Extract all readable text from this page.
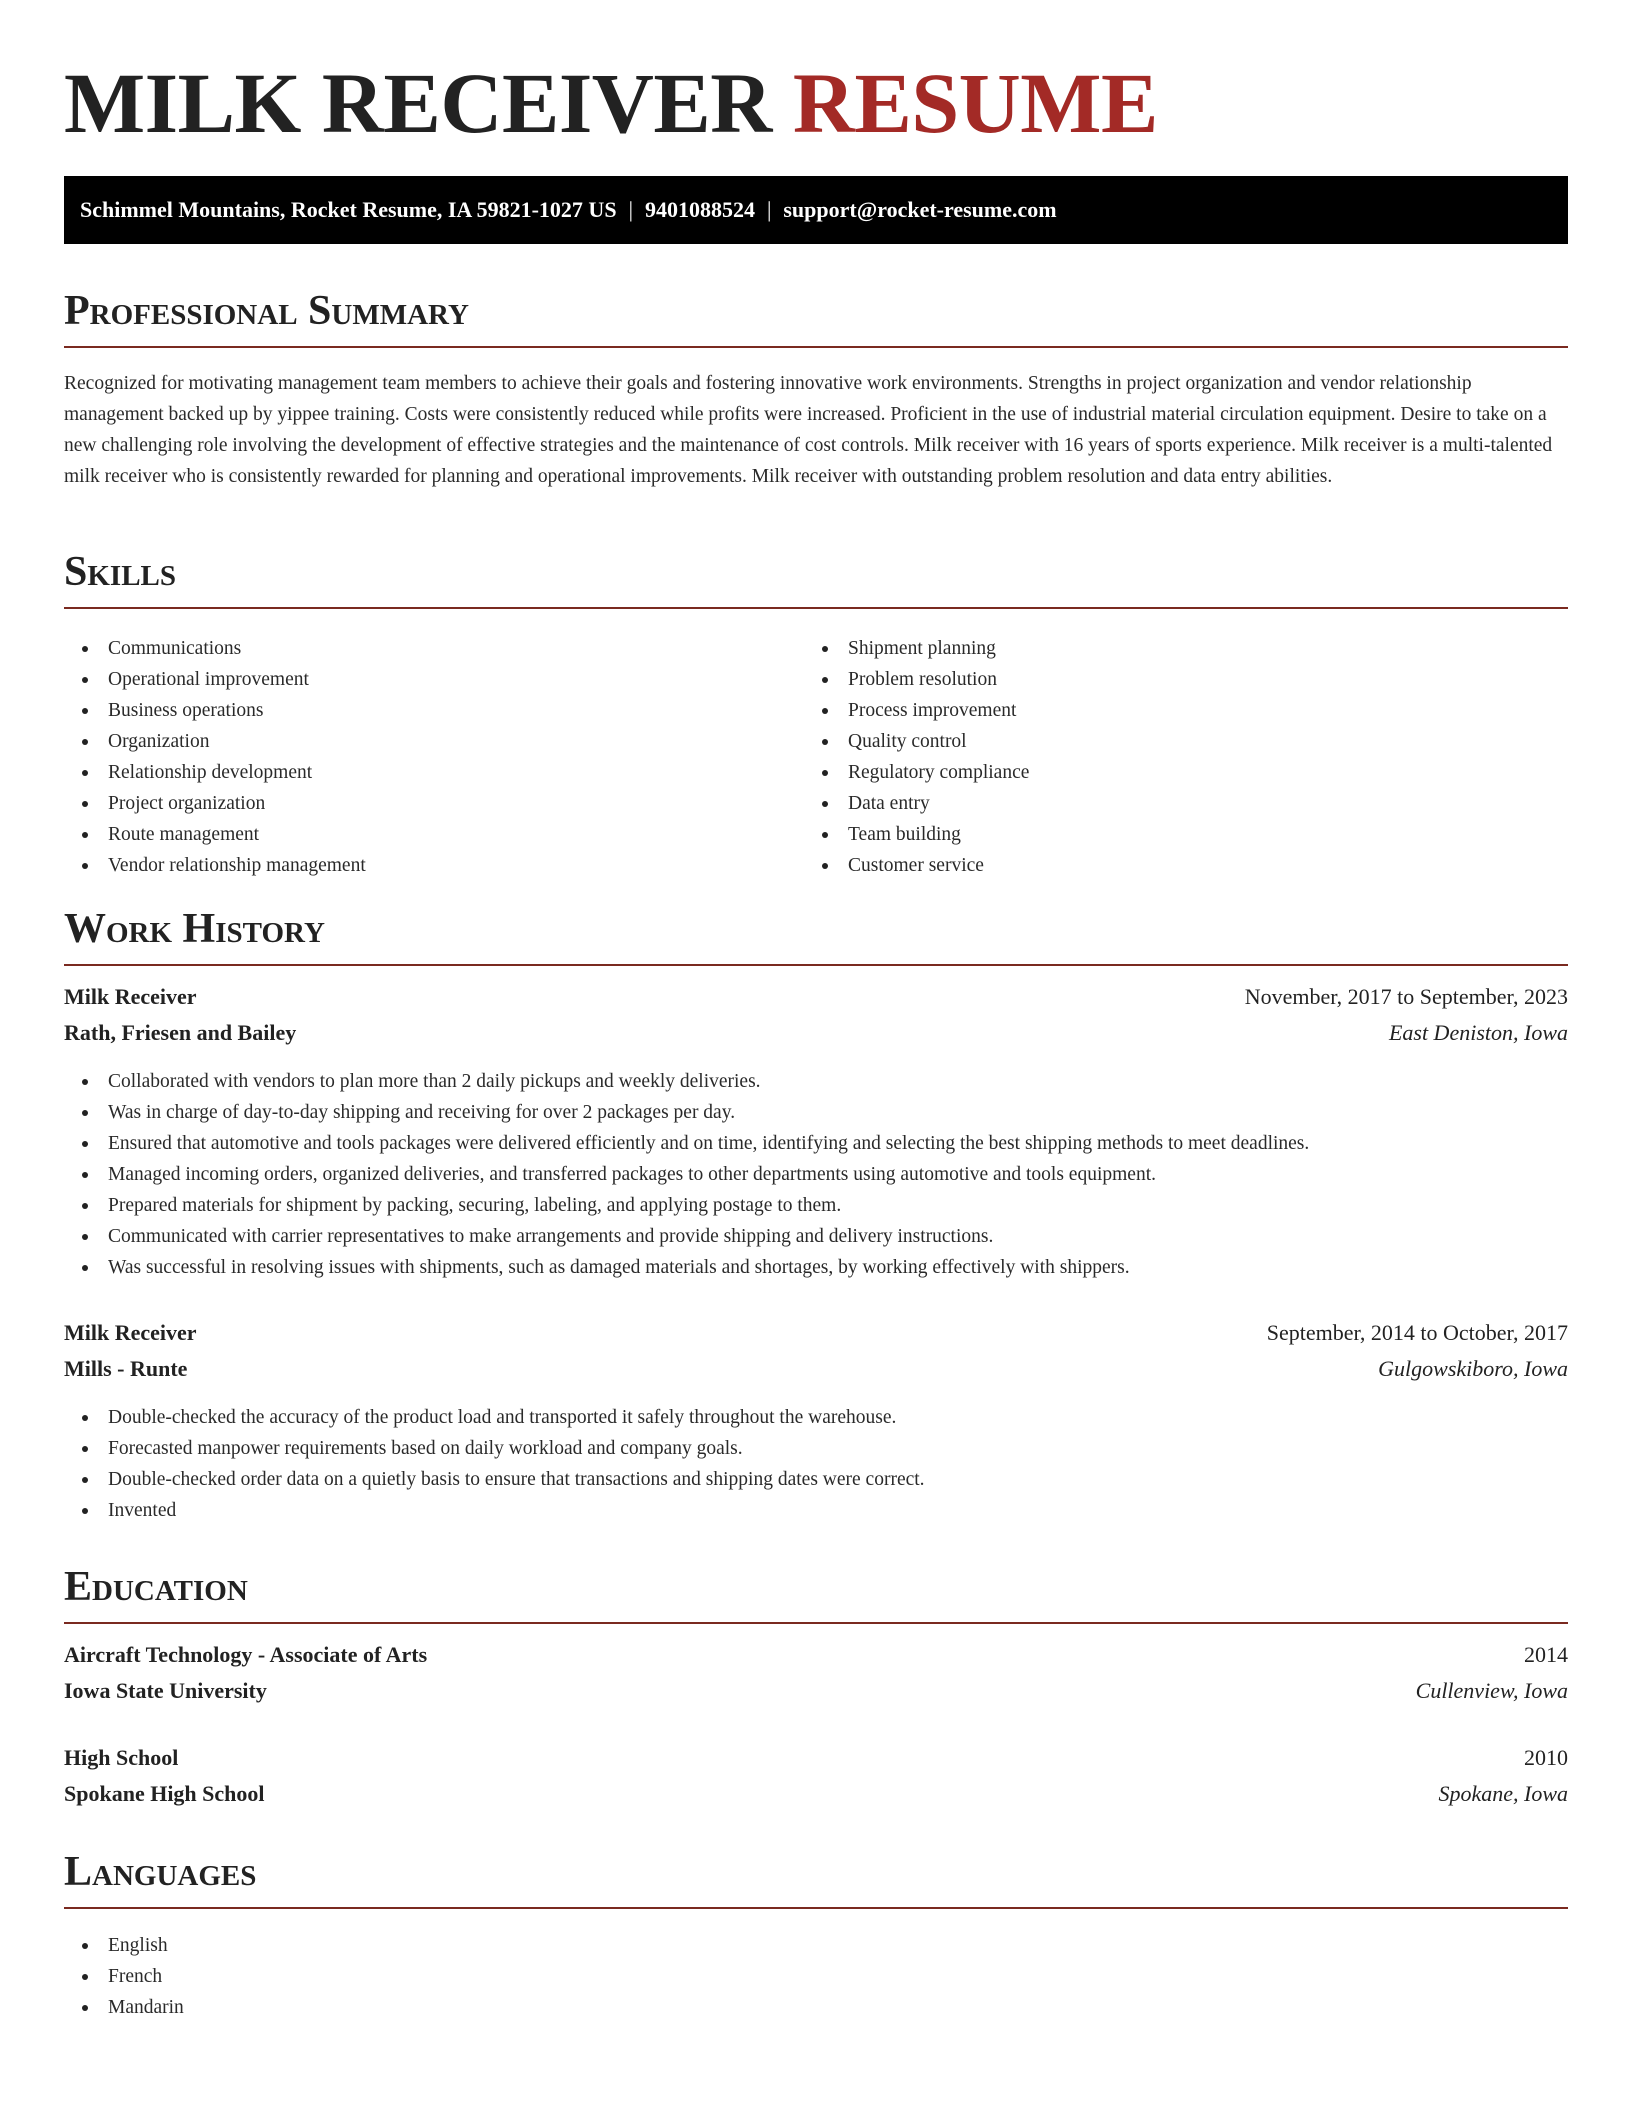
MILK RECEIVER RESUME
Schimmel Mountains, Rocket Resume, IA 59821-1027 US | 9401088524 | support@rocket-resume.com
Professional Summary

Recognized for motivating management team members to achieve their goals and fostering innovative work environments. Strengths in project organization and vendor relationship management backed up by yippee training. Costs were consistently reduced while profits were increased. Proficient in the use of industrial material circulation equipment. Desire to take on a new challenging role involving the development of effective strategies and the maintenance of cost controls. Milk receiver with 16 years of sports experience. Milk receiver is a multi-talented milk receiver who is consistently rewarded for planning and operational improvements. Milk receiver with outstanding problem resolution and data entry abilities.

Skills
Communications
Operational improvement
Business operations
Organization
Relationship development
Project organization
Route management
Vendor relationship management
Shipment planning
Problem resolution
Process improvement
Quality control
Regulatory compliance
Data entry
Team building
Customer service
Work History
Milk Receiver	November, 2017 to September, 2023
Rath, Friesen and Bailey	East Deniston, Iowa
Collaborated with vendors to plan more than 2 daily pickups and weekly deliveries.
Was in charge of day-to-day shipping and receiving for over 2 packages per day.
Ensured that automotive and tools packages were delivered efficiently and on time, identifying and selecting the best shipping methods to meet deadlines.
Managed incoming orders, organized deliveries, and transferred packages to other departments using automotive and tools equipment.
Prepared materials for shipment by packing, securing, labeling, and applying postage to them.
Communicated with carrier representatives to make arrangements and provide shipping and delivery instructions.
Was successful in resolving issues with shipments, such as damaged materials and shortages, by working effectively with shippers.
Milk Receiver	September, 2014 to October, 2017
Mills - Runte	Gulgowskiboro, Iowa
Double-checked the accuracy of the product load and transported it safely throughout the warehouse.
Forecasted manpower requirements based on daily workload and company goals.
Double-checked order data on a quietly basis to ensure that transactions and shipping dates were correct.
Invented
Education
Aircraft Technology - Associate of Arts	2014
Iowa State University	Cullenview, Iowa
High School	2010
Spokane High School	Spokane, Iowa
Languages
English
French
Mandarin
